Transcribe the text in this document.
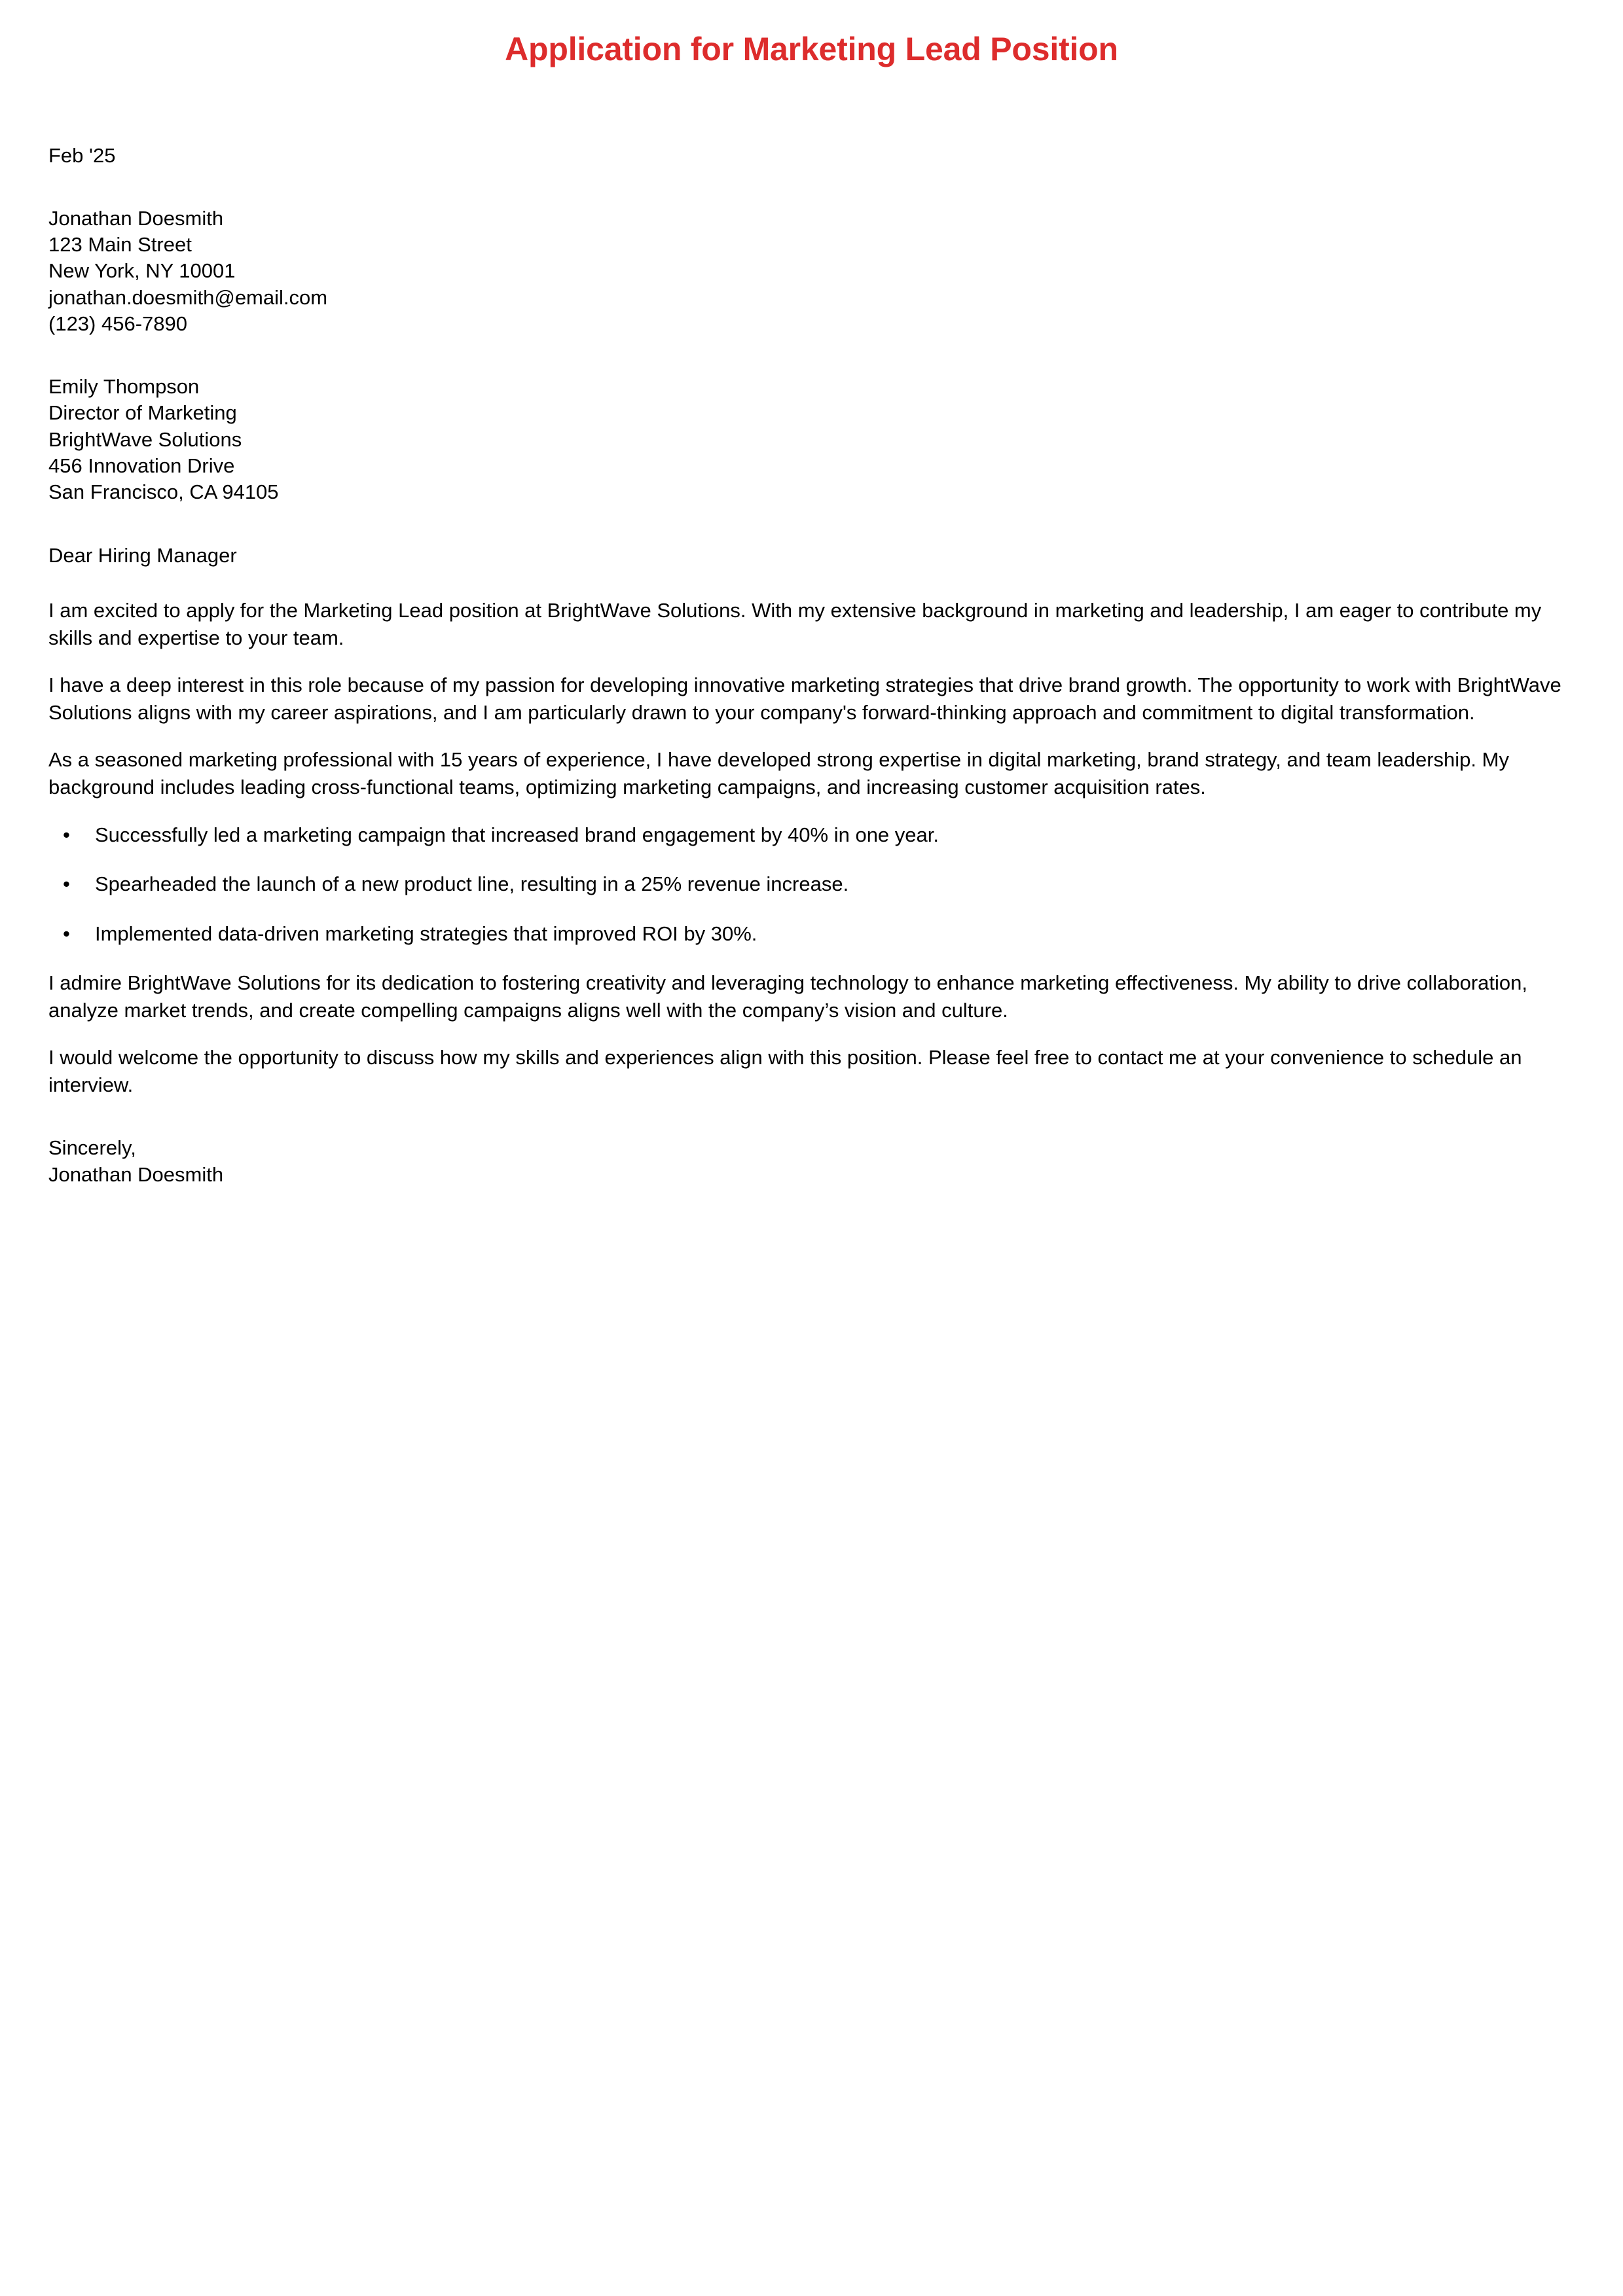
Application for Marketing Lead Position
Feb '25
Jonathan Doesmith
123 Main Street
New York, NY 10001
jonathan.doesmith@email.com
(123) 456-7890
Emily Thompson
Director of Marketing
BrightWave Solutions
456 Innovation Drive
San Francisco, CA 94105
Dear Hiring Manager

I am excited to apply for the Marketing Lead position at BrightWave Solutions. With my extensive background in marketing and leadership, I am eager to contribute my skills and expertise to your team.

I have a deep interest in this role because of my passion for developing innovative marketing strategies that drive brand growth. The opportunity to work with BrightWave Solutions aligns with my career aspirations, and I am particularly drawn to your company's forward-thinking approach and commitment to digital transformation.

As a seasoned marketing professional with 15 years of experience, I have developed strong expertise in digital marketing, brand strategy, and team leadership. My background includes leading cross-functional teams, optimizing marketing campaigns, and increasing customer acquisition rates.

• Successfully led a marketing campaign that increased brand engagement by 40% in one year.
• Spearheaded the launch of a new product line, resulting in a 25% revenue increase.
• Implemented data-driven marketing strategies that improved ROI by 30%.

I admire BrightWave Solutions for its dedication to fostering creativity and leveraging technology to enhance marketing effectiveness. My ability to drive collaboration, analyze market trends, and create compelling campaigns aligns well with the company’s vision and culture.

I would welcome the opportunity to discuss how my skills and experiences align with this position. Please feel free to contact me at your convenience to schedule an interview.

Sincerely,
Jonathan Doesmith
